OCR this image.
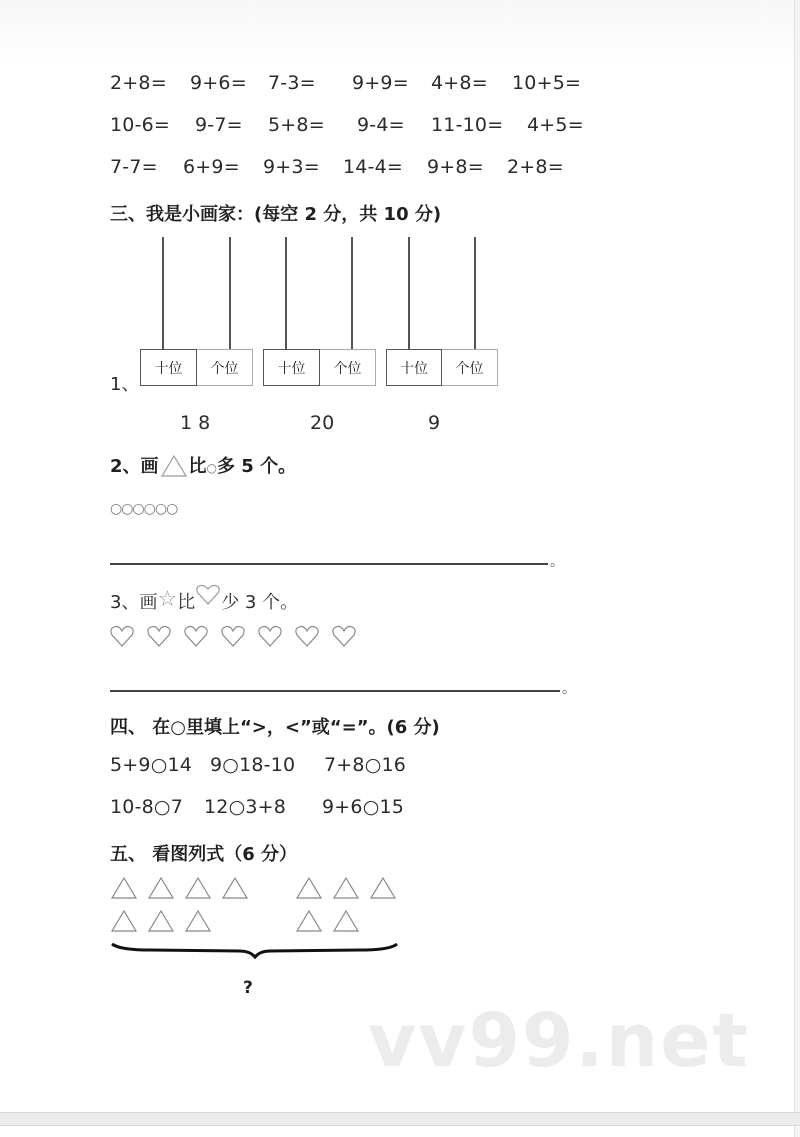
2+8= 9+6= 7-3= 9+9= 4+8= 10+5=
10-6= 9-7= 5+8= 9-4= 11-10= 4+5=
7-7= 6+9= 9+3= 14-4= 9+8= 2+8=
三、我是小画家：(每空 2 分，共 10 分)
1、
十位 个位
1 8
十位 个位
20
十位 个位
9
2、画 比 ○ 多 5 个。
○○○○○○
。
3、画 ☆ 比 少 3 个。
。
四、 在○里填上“>，<”或“=”。(6 分)
5+9○14 9○18-10 7+8○16
10-8○7 12○3+8 9+6○15
五、 看图列式（6 分）
?
vv99.net
